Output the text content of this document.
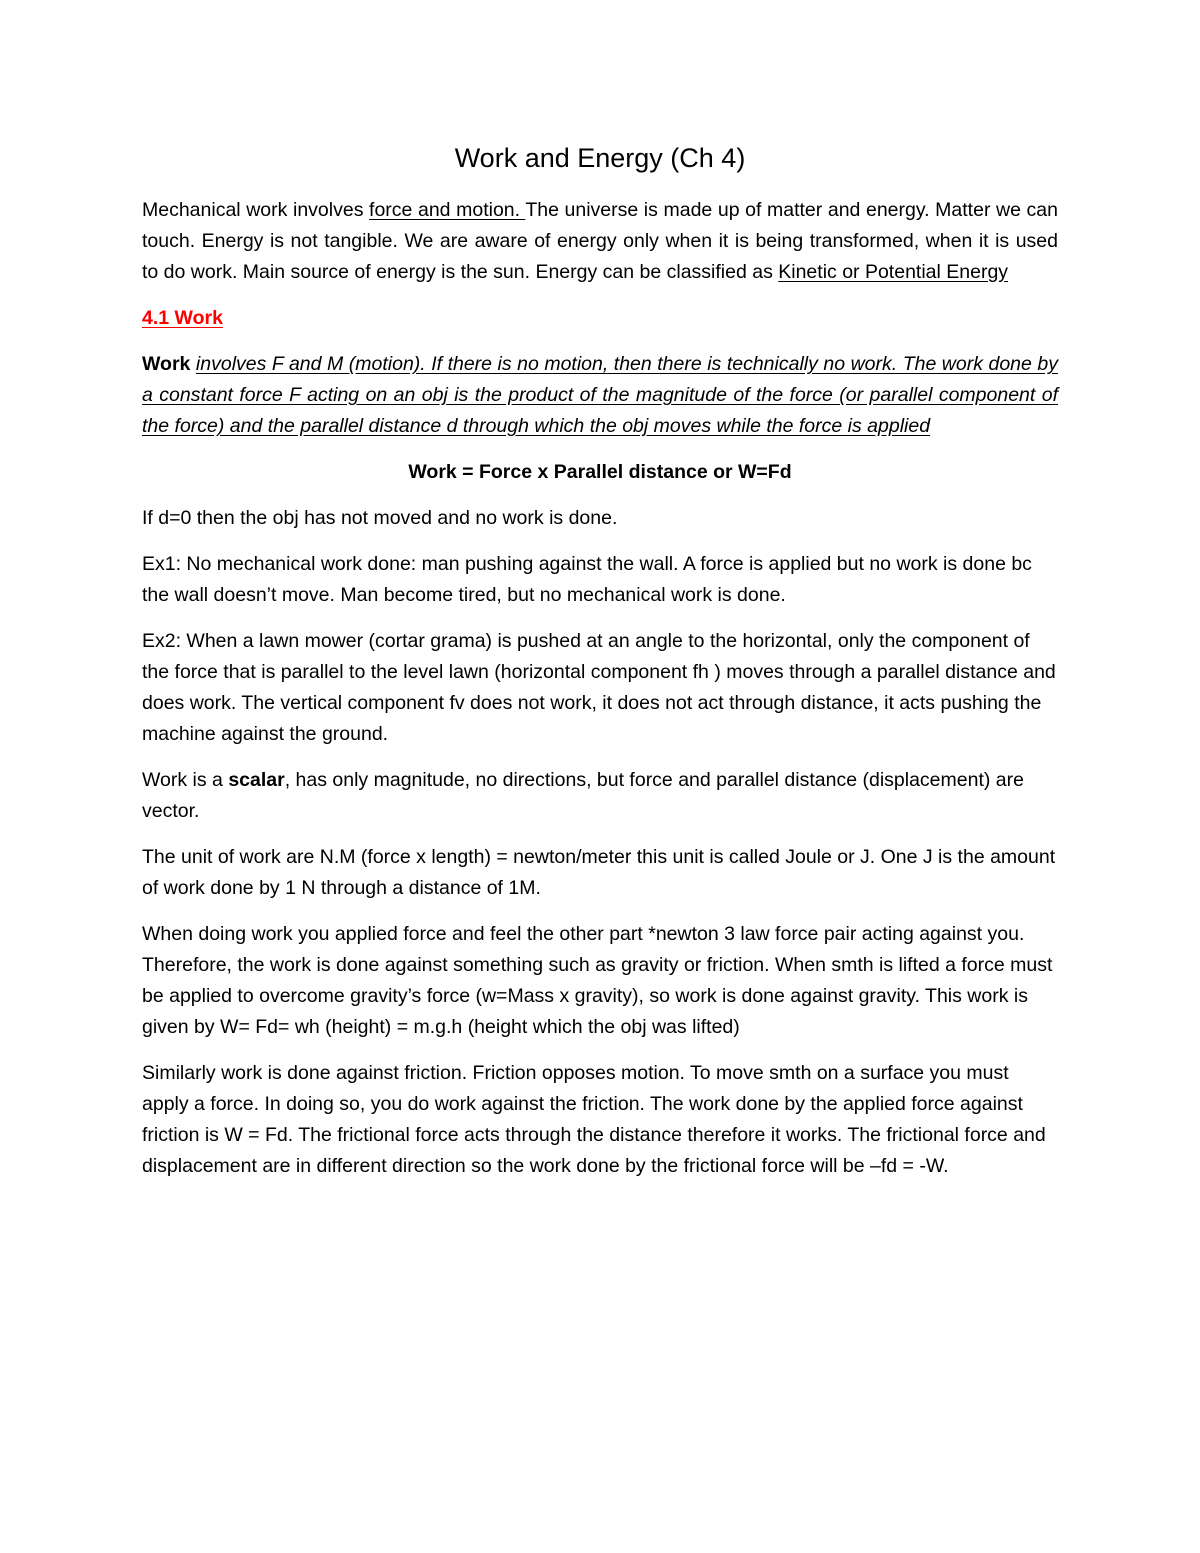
Work and Energy (Ch 4)

Mechanical work involves force and motion. The universe is made up of matter and energy. Matter we can touch. Energy is not tangible. We are aware of energy only when it is being transformed, when it is used to do work. Main source of energy is the sun. Energy can be classified as Kinetic or Potential Energy

4.1 Work

Work involves F and M (motion). If there is no motion, then there is technically no work. The work done by a constant force F acting on an obj is the product of the magnitude of the force (or parallel component of the force) and the parallel distance d through which the obj moves while the force is applied

Work = Force x Parallel distance or W=Fd

If d=0 then the obj has not moved and no work is done.

Ex1: No mechanical work done: man pushing against the wall. A force is applied but no work is done bc the wall doesn’t move. Man become tired, but no mechanical work is done.

Ex2: When a lawn mower (cortar grama) is pushed at an angle to the horizontal, only the component of the force that is parallel to the level lawn (horizontal component fh ) moves through a parallel distance and does work. The vertical component fv does not work, it does not act through distance, it acts pushing the machine against the ground.

Work is a scalar, has only magnitude, no directions, but force and parallel distance (displacement) are vector.

The unit of work are N.M (force x length) = newton/meter this unit is called Joule or J. One J is the amount of work done by 1 N through a distance of 1M.

When doing work you applied force and feel the other part *newton 3 law force pair acting against you. Therefore, the work is done against something such as gravity or friction. When smth is lifted a force must be applied to overcome gravity’s force (w=Mass x gravity), so work is done against gravity. This work is given by W= Fd= wh (height) = m.g.h (height which the obj was lifted)

Similarly work is done against friction. Friction opposes motion. To move smth on a surface you must apply a force. In doing so, you do work against the friction. The work done by the applied force against friction is W = Fd. The frictional force acts through the distance therefore it works. The frictional force and displacement are in different direction so the work done by the frictional force will be –fd = -W.
